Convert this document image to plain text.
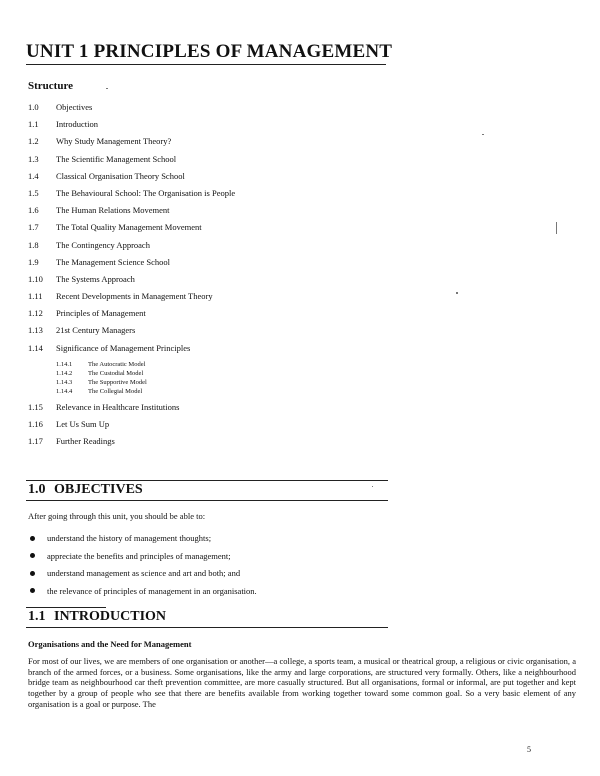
UNIT 1 PRINCIPLES OF MANAGEMENT
Structure
1.0	Objectives
1.1	Introduction
1.2	Why Study Management Theory?
1.3	The Scientific Management School
1.4	Classical Organisation Theory School
1.5	The Behavioural School: The Organisation is People
1.6	The Human Relations Movement
1.7	The Total Quality Management Movement
1.8	The Contingency Approach
1.9	The Management Science School
1.10	The Systems Approach
1.11	Recent Developments in Management Theory
1.12	Principles of Management
1.13	21st Century Managers
1.14	Significance of Management Principles
1.14.1	The Autocratic Model
1.14.2	The Custodial Model
1.14.3	The Supportive Model
1.14.4	The Collegial Model
1.15	Relevance in Healthcare Institutions
1.16	Let Us Sum Up
1.17	Further Readings
1.0 OBJECTIVES

After going through this unit, you should be able to:

understand the history of management thoughts;
appreciate the benefits and principles of management;
understand management as science and art and both; and
the relevance of principles of management in an organisation.
1.1 INTRODUCTION

Organisations and the Need for Management

For most of our lives, we are members of one organisation or another—a college, a sports team, a musical or theatrical group, a religious or civic organisation, a branch of the armed forces, or a business. Some organisations, like the army and large corporations, are structured very formally. Others, like a neighbourhood bridge team as neighbourhood car theft prevention committee, are more casually structured. But all organisations, formal or informal, are put together and kept together by a group of people who see that there are benefits available from working together toward some common goal. So a very basic element of any organisation is a goal or purpose. The

5
